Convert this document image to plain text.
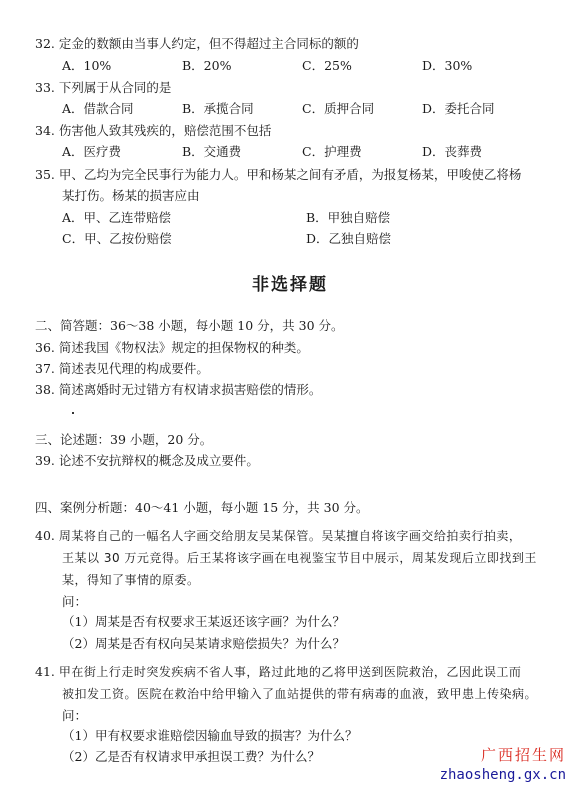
32. 定金的数额由当事人约定，但不得超过主合同标的额的
A．10%	B．20%	C．25%	D．30%
33. 下列属于从合同的是
A．借款合同	B．承揽合同	C．质押合同	D．委托合同
34. 伤害他人致其残疾的，赔偿范围不包括
A．医疗费	B．交通费	C．护理费	D．丧葬费
35. 甲、乙均为完全民事行为能力人。甲和杨某之间有矛盾，为报复杨某，甲唆使乙将杨
某打伤。杨某的损害应由
A．甲、乙连带赔偿	B．甲独自赔偿
C．甲、乙按份赔偿	D．乙独自赔偿
非选择题
二、简答题：36～38 小题，每小题 10 分，共 30 分。
36. 简述我国《物权法》规定的担保物权的种类。
37. 简述表见代理的构成要件。
38. 简述离婚时无过错方有权请求损害赔偿的情形。
三、论述题：39 小题，20 分。
39. 论述不安抗辩权的概念及成立要件。
四、案例分析题：40～41 小题，每小题 15 分，共 30 分。
40. 周某将自己的一幅名人字画交给朋友吴某保管。吴某擅自将该字画交给拍卖行拍卖，
王某以 30 万元竞得。后王某将该字画在电视鉴宝节目中展示，周某发现后立即找到王
某，得知了事情的原委。
问：
（1）周某是否有权要求王某返还该字画？为什么？
（2）周某是否有权向吴某请求赔偿损失？为什么？
41. 甲在街上行走时突发疾病不省人事，路过此地的乙将甲送到医院救治，乙因此误工而
被扣发工资。医院在救治中给甲输入了血站提供的带有病毒的血液，致甲患上传染病。
问：
（1）甲有权要求谁赔偿因输血导致的损害？为什么？
（2）乙是否有权请求甲承担误工费？为什么？	广西招生网
zhaosheng.gx.cn
